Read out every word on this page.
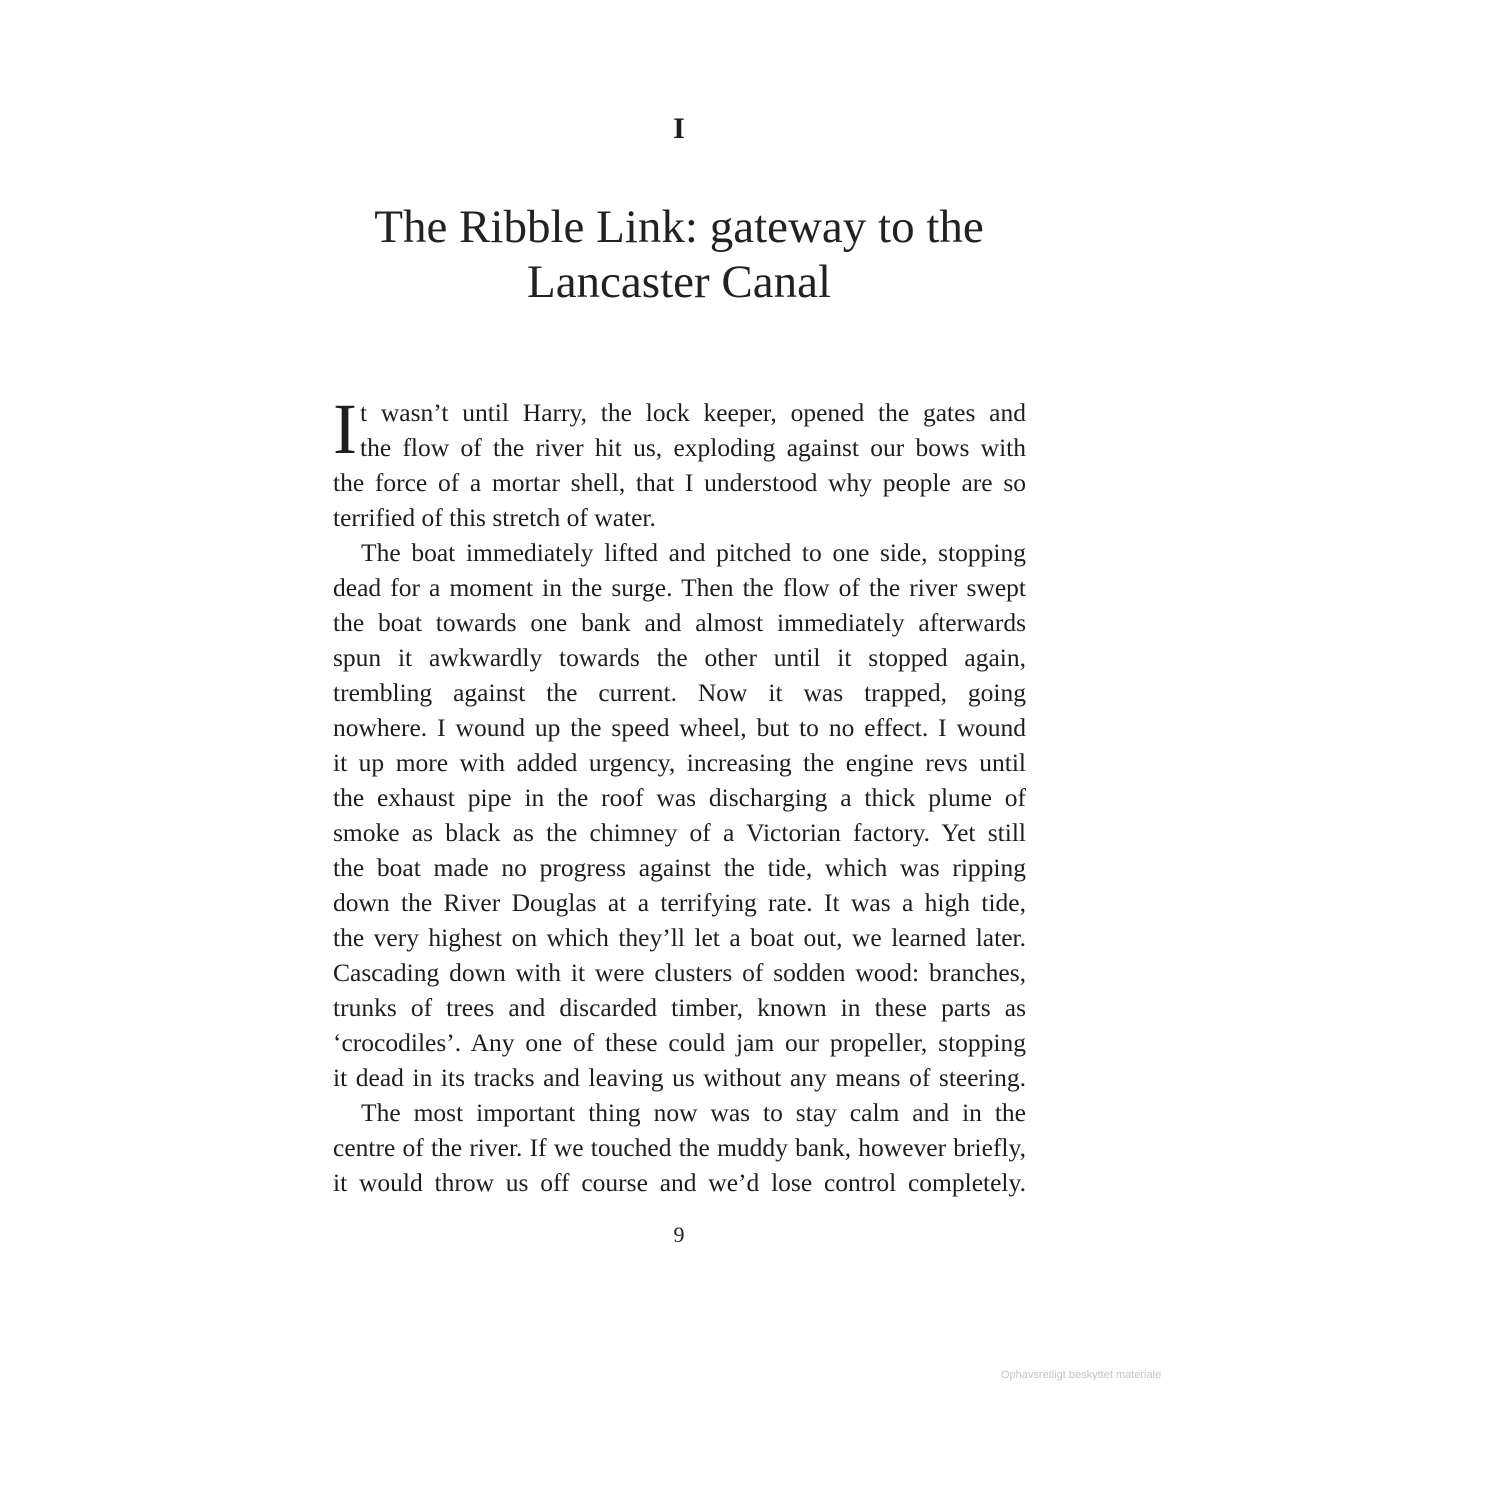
I
The Ribble Link: gateway to the
Lancaster Canal
I t wasn’t until Harry, the lock keeper, opened the gates and
the flow of the river hit us, exploding against our bows with
the force of a mortar shell, that I understood why people are so
terrified of this stretch of water.
The boat immediately lifted and pitched to one side, stopping
dead for a moment in the surge. Then the flow of the river swept
the boat towards one bank and almost immediately afterwards
spun it awkwardly towards the other until it stopped again,
trembling against the current. Now it was trapped, going
nowhere. I wound up the speed wheel, but to no effect. I wound
it up more with added urgency, increasing the engine revs until
the exhaust pipe in the roof was discharging a thick plume of
smoke as black as the chimney of a Victorian factory. Yet still
the boat made no progress against the tide, which was ripping
down the River Douglas at a terrifying rate. It was a high tide,
the very highest on which they’ll let a boat out, we learned later.
Cascading down with it were clusters of sodden wood: branches,
trunks of trees and discarded timber, known in these parts as
‘crocodiles’. Any one of these could jam our propeller, stopping
it dead in its tracks and leaving us without any means of steering.
The most important thing now was to stay calm and in the
centre of the river. If we touched the muddy bank, however briefly,
it would throw us off course and we’d lose control completely.
9
Ophavsretligt beskyttet materiale
